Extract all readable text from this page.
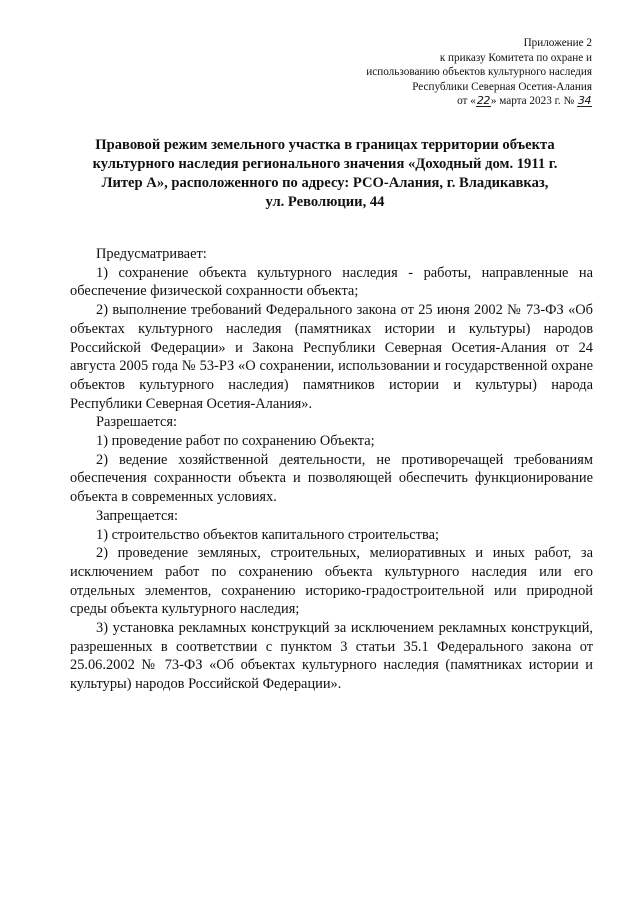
Приложение 2
к приказу Комитета по охране и
использованию объектов культурного наследия
Республики Северная Осетия-Алания
от «22» марта 2023 г. № 34
Правовой режим земельного участка в границах территории объекта
культурного наследия регионального значения «Доходный дом. 1911 г.
Литер А», расположенного по адресу: РСО-Алания, г. Владикавказ,
ул. Революции, 44

Предусматривает:

1) сохранение объекта культурного наследия - работы, направленные на обеспечение физической сохранности объекта;

2) выполнение требований Федерального закона от 25 июня 2002 № 73-ФЗ «Об объектах культурного наследия (памятниках истории и культуры) народов Российской Федерации» и Закона Республики Северная Осетия-Алания от 24 августа 2005 года № 53-РЗ «О сохранении, использовании и государственной охране объектов культурного наследия) памятников истории и культуры) народа Республики Северная Осетия-Алания».

Разрешается:

1) проведение работ по сохранению Объекта;

2) ведение хозяйственной деятельности, не противоречащей требованиям обеспечения сохранности объекта и позволяющей обеспечить функционирование объекта в современных условиях.

Запрещается:

1) строительство объектов капитального строительства;

2) проведение земляных, строительных, мелиоративных и иных работ, за исключением работ по сохранению объекта культурного наследия или его отдельных элементов, сохранению историко-градостроительной или природной среды объекта культурного наследия;

3) установка рекламных конструкций за исключением рекламных конструкций, разрешенных в соответствии с пунктом 3 статьи 35.1 Федерального закона от 25.06.2002 № 73-ФЗ «Об объектах культурного наследия (памятниках истории и культуры) народов Российской Федерации».
